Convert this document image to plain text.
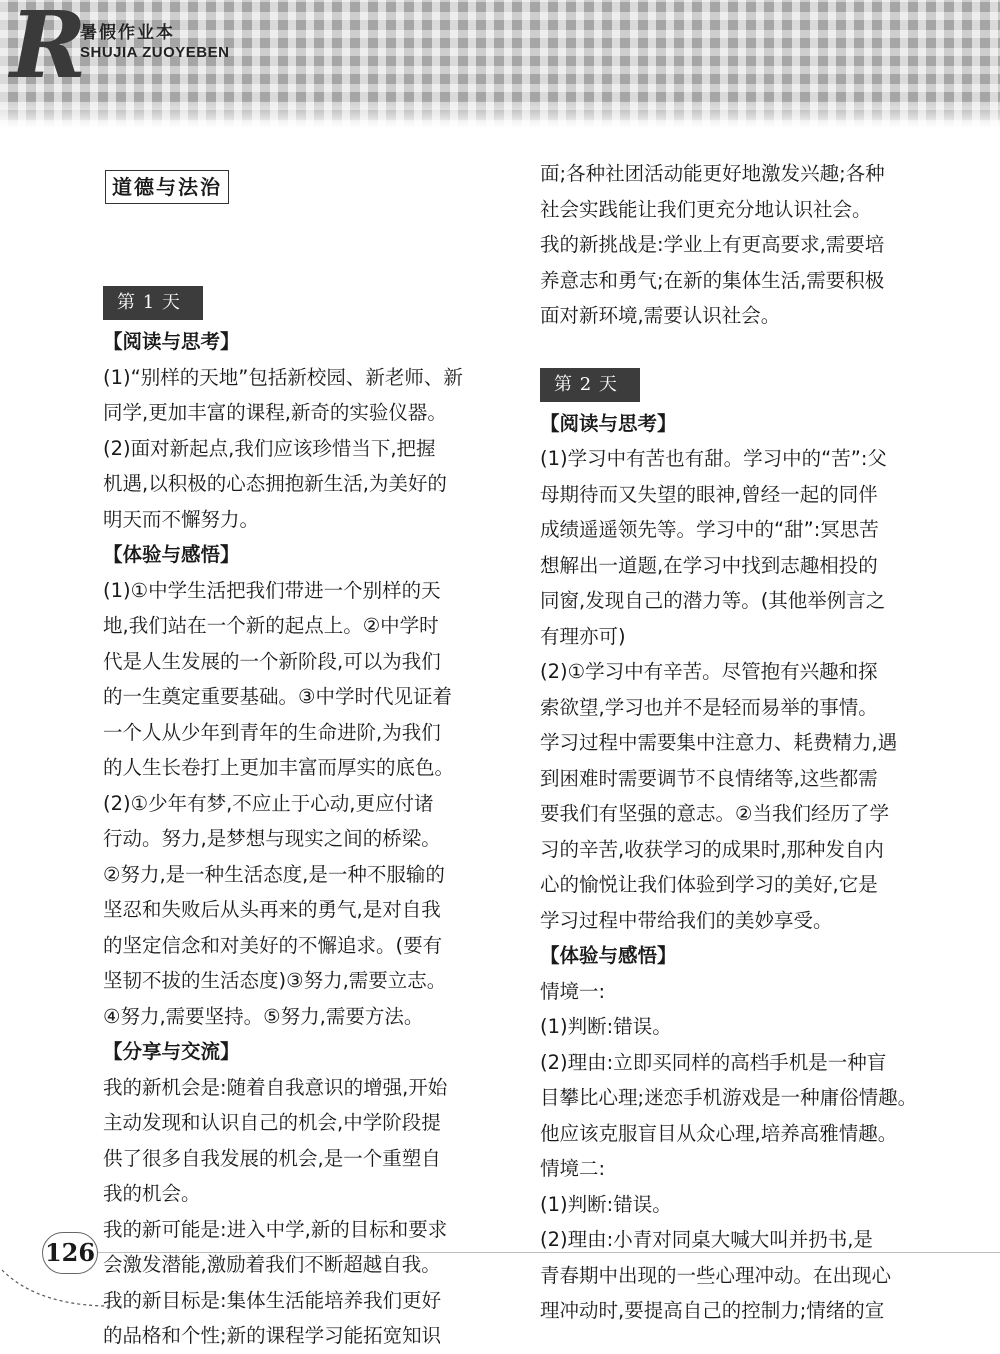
R
暑假作业本
SHUJIA ZUOYEBEN
道德与法治
第 1 天
【阅读与思考】
(1)“别样的天地”包括新校园、新老师、新
同学,更加丰富的课程,新奇的实验仪器。
(2)面对新起点,我们应该珍惜当下,把握
机遇,以积极的心态拥抱新生活,为美好的
明天而不懈努力。
【体验与感悟】
(1)①中学生活把我们带进一个别样的天
地,我们站在一个新的起点上。②中学时
代是人生发展的一个新阶段,可以为我们
的一生奠定重要基础。③中学时代见证着
一个人从少年到青年的生命进阶,为我们
的人生长卷打上更加丰富而厚实的底色。
(2)①少年有梦,不应止于心动,更应付诸
行动。努力,是梦想与现实之间的桥梁。
②努力,是一种生活态度,是一种不服输的
坚忍和失败后从头再来的勇气,是对自我
的坚定信念和对美好的不懈追求。(要有
坚韧不拔的生活态度)③努力,需要立志。
④努力,需要坚持。⑤努力,需要方法。
【分享与交流】
我的新机会是:随着自我意识的增强,开始
主动发现和认识自己的机会,中学阶段提
供了很多自我发展的机会,是一个重塑自
我的机会。
我的新可能是:进入中学,新的目标和要求
会激发潜能,激励着我们不断超越自我。
我的新目标是:集体生活能培养我们更好
的品格和个性;新的课程学习能拓宽知识
面;各种社团活动能更好地激发兴趣;各种
社会实践能让我们更充分地认识社会。
我的新挑战是:学业上有更高要求,需要培
养意志和勇气;在新的集体生活,需要积极
面对新环境,需要认识社会。
第 2 天
【阅读与思考】
(1)学习中有苦也有甜。学习中的“苦”:父
母期待而又失望的眼神,曾经一起的同伴
成绩遥遥领先等。学习中的“甜”:冥思苦
想解出一道题,在学习中找到志趣相投的
同窗,发现自己的潜力等。(其他举例言之
有理亦可)
(2)①学习中有辛苦。尽管抱有兴趣和探
索欲望,学习也并不是轻而易举的事情。
学习过程中需要集中注意力、耗费精力,遇
到困难时需要调节不良情绪等,这些都需
要我们有坚强的意志。②当我们经历了学
习的辛苦,收获学习的成果时,那种发自内
心的愉悦让我们体验到学习的美好,它是
学习过程中带给我们的美妙享受。
【体验与感悟】
情境一:
(1)判断:错误。
(2)理由:立即买同样的高档手机是一种盲
目攀比心理;迷恋手机游戏是一种庸俗情趣。
他应该克服盲目从众心理,培养高雅情趣。
情境二:
(1)判断:错误。
(2)理由:小青对同桌大喊大叫并扔书,是
青春期中出现的一些心理冲动。在出现心
理冲动时,要提高自己的控制力;情绪的宣
126
